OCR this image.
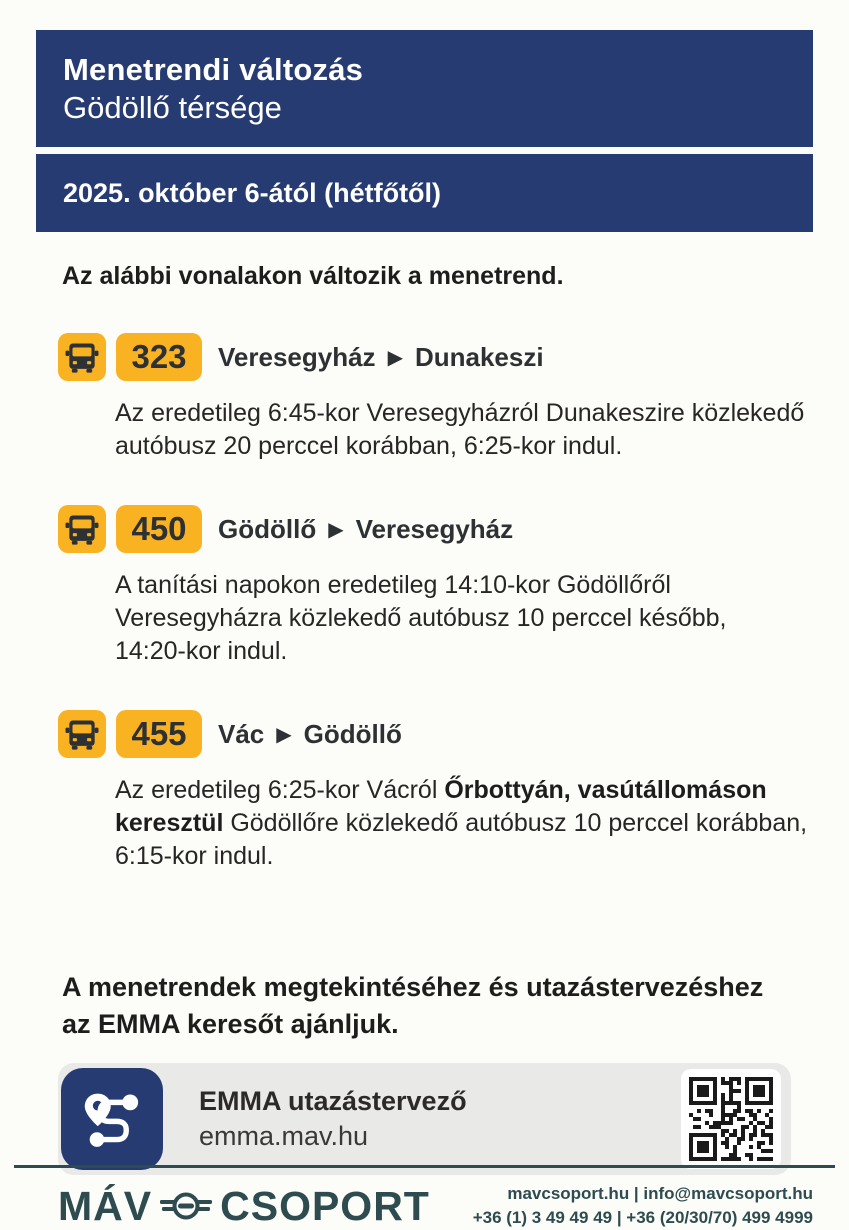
Menetrendi változás
Gödöllő térsége
2025. október 6-ától (hétfőtől)
Az alábbi vonalakon változik a menetrend.
323	Veresegyház ▶ Dunakeszi

Az eredetileg 6:45-kor Veresegyházról Dunakeszire közlekedő autóbusz 20 perccel korábban, 6:25-kor indul.

450	Gödöllő ▶ Veresegyház

A tanítási napokon eredetileg 14:10-kor Gödöllőről Veresegyházra közlekedő autóbusz 10 perccel később, 14:20-kor indul.

455	Vác ▶ Gödöllő

Az eredetileg 6:25-kor Vácról Őrbottyán, vasútállomáson keresztül Gödöllőre közlekedő autóbusz 10 perccel korábban, 6:15-kor indul.

A menetrendek megtekintéséhez és utazástervezéshez az EMMA keresőt ajánljuk.
EMMA utazástervező
emma.mav.hu
MÁV CSOPORT	mavcsoport.hu | info@mavcsoport.hu
+36 (1) 3 49 49 49 | +36 (20/30/70) 499 4999
